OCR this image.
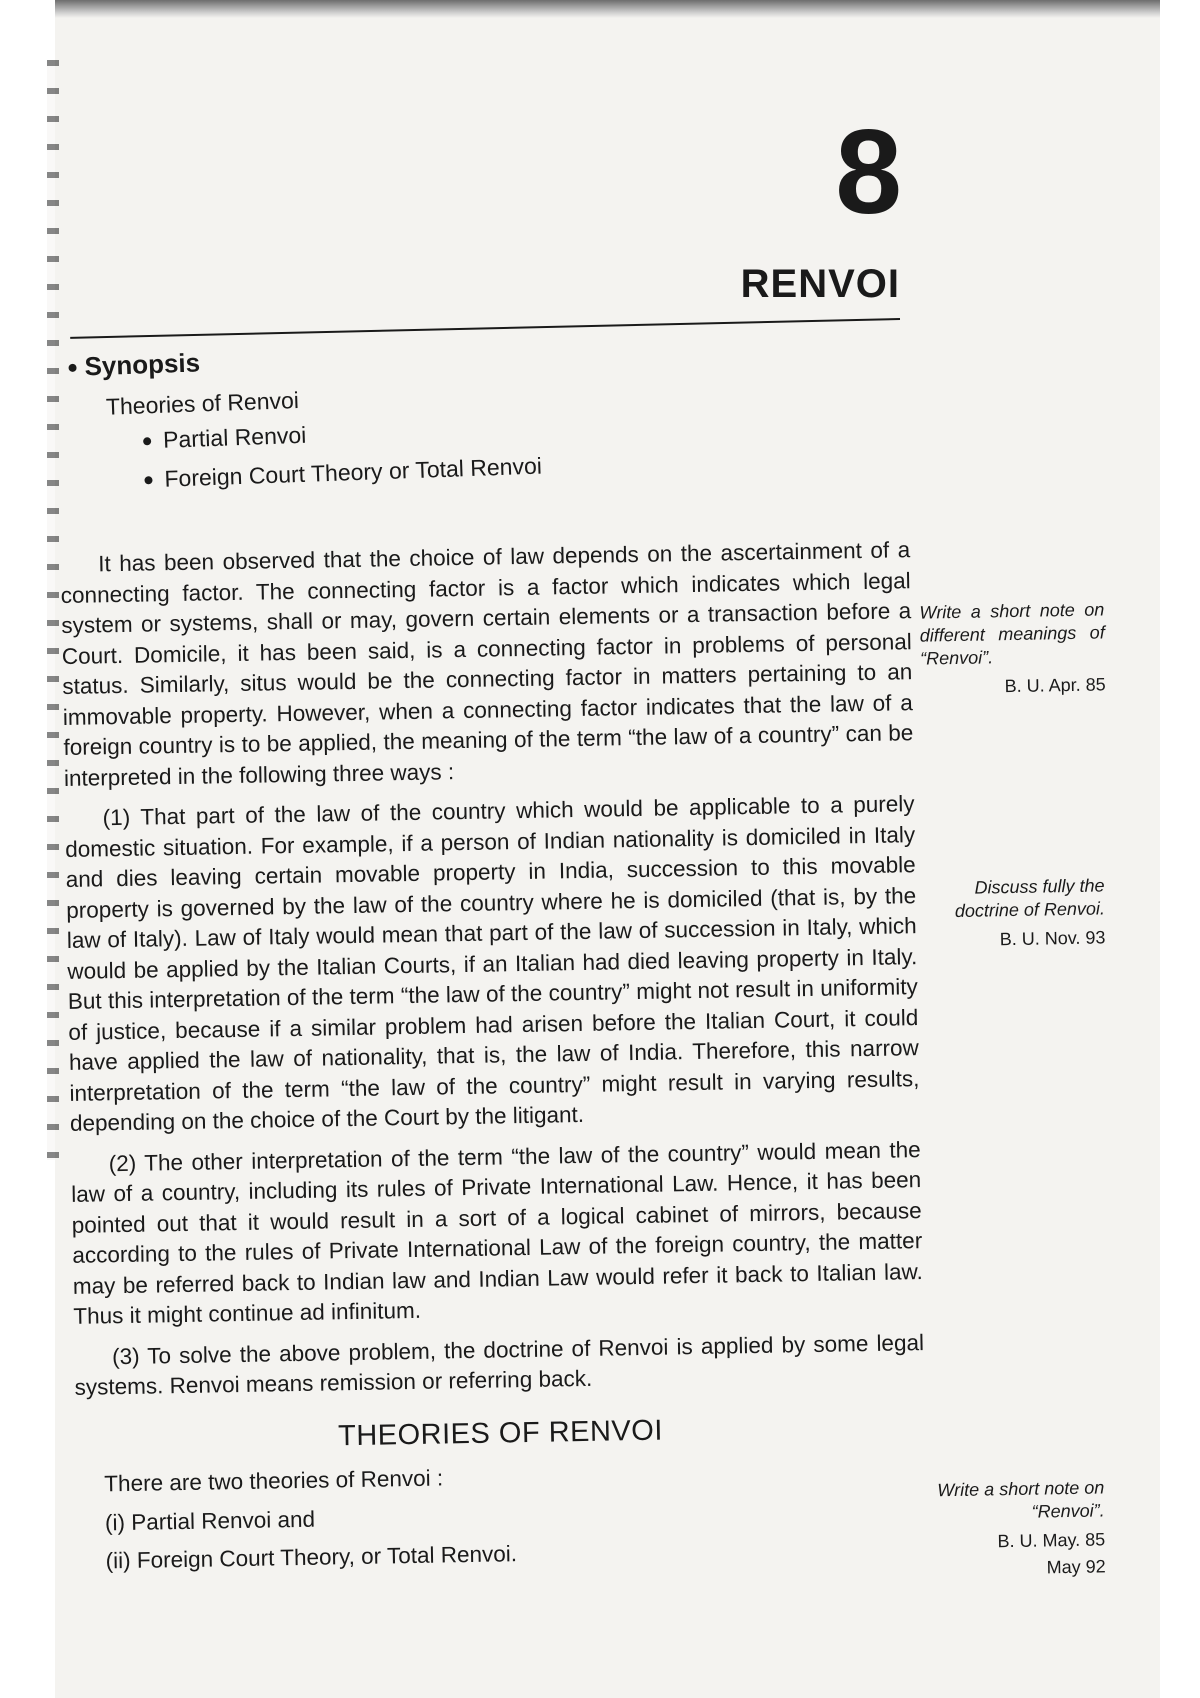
8
RENVOI
Synopsis
Theories of Renvoi
Partial Renvoi
Foreign Court Theory or Total Renvoi

It has been observed that the choice of law depends on the ascertainment of a connecting factor. The connecting factor is a factor which indicates which legal system or systems, shall or may, govern certain elements or a transaction before a Court. Domicile, it has been said, is a connecting factor in problems of personal status. Similarly, situs would be the connecting factor in matters pertaining to an immovable property. However, when a connecting factor indicates that the law of a foreign country is to be applied, the meaning of the term “the law of a country” can be interpreted in the following three ways :

(1) That part of the law of the country which would be applicable to a purely domestic situation. For example, if a person of Indian nationality is domiciled in Italy and dies leaving certain movable property in India, succession to this movable property is governed by the law of the country where he is domiciled (that is, by the law of Italy). Law of Italy would mean that part of the law of succession in Italy, which would be applied by the Italian Courts, if an Italian had died leaving property in Italy. But this interpretation of the term “the law of the country” might not result in uniformity of justice, because if a similar problem had arisen before the Italian Court, it could have applied the law of nationality, that is, the law of India. Therefore, this narrow interpretation of the term “the law of the country” might result in varying results, depending on the choice of the Court by the litigant.

(2) The other interpretation of the term “the law of the country” would mean the law of a country, including its rules of Private International Law. Hence, it has been pointed out that it would result in a sort of a logical cabinet of mirrors, because according to the rules of Private International Law of the foreign country, the matter may be referred back to Indian law and Indian Law would refer it back to Italian law. Thus it might continue ad infinitum.

(3) To solve the above problem, the doctrine of Renvoi is applied by some legal systems. Renvoi means remission or referring back.

THEORIES OF RENVOI

There are two theories of Renvoi :

(i) Partial Renvoi and

(ii) Foreign Court Theory, or Total Renvoi.

Write a short note on different meanings of “Renvoi”.
B. U. Apr. 85
Discuss fully the doctrine of Renvoi.
B. U. Nov. 93
Write a short note on “Renvoi”.
B. U. May. 85
May 92
